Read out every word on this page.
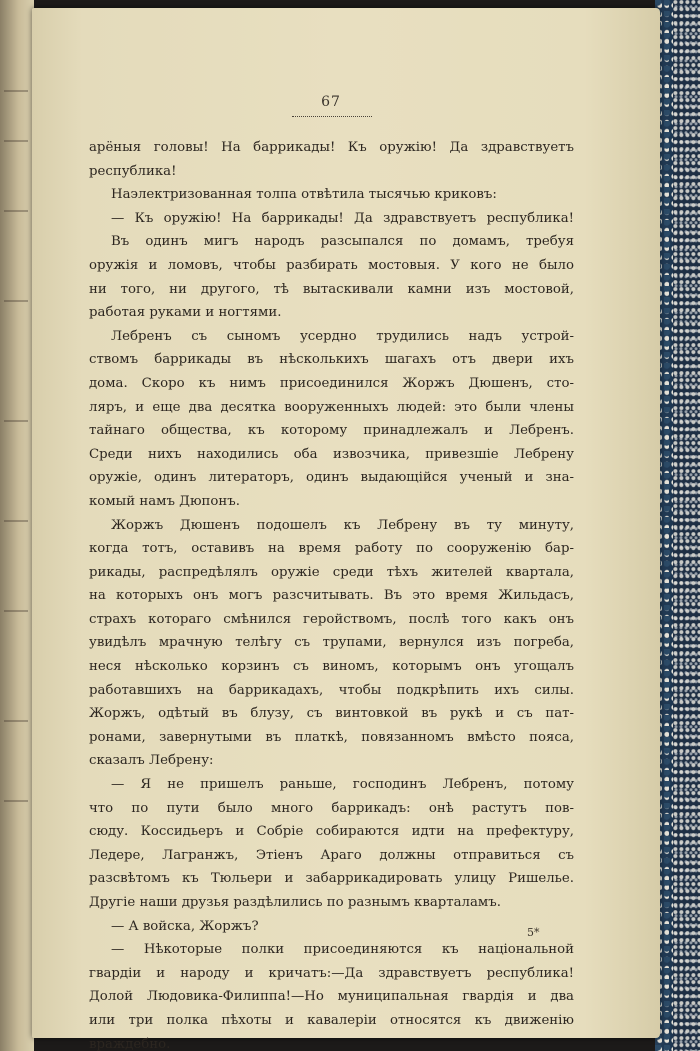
67
арёныя головы! На баррикады! Къ оружію! Да здравствуетъ
республика!
Наэлектризованная толпа отвѣтила тысячью криковъ:
— Къ оружію! На баррикады! Да здравствуетъ республика!
Въ одинъ мигъ народъ разсыпался по домамъ, требуя
оружія и ломовъ, чтобы разбирать мостовыя. У кого не было
ни того, ни другого, тѣ вытаскивали камни изъ мостовой,
работая руками и ногтями.
Лебренъ съ сыномъ усердно трудились надъ устрой-
ствомъ баррикады въ нѣсколькихъ шагахъ отъ двери ихъ
дома. Скоро къ нимъ присоединился Жоржъ Дюшенъ, сто-
ляръ, и еще два десятка вооруженныхъ людей: это были члены
тайнаго общества, къ которому принадлежалъ и Лебренъ.
Среди нихъ находились оба извозчика, привезшіе Лебрену
оружіе, одинъ литераторъ, одинъ выдающійся ученый и зна-
комый намъ Дюпонъ.
Жоржъ Дюшенъ подошелъ къ Лебрену въ ту минуту,
когда тотъ, оставивъ на время работу по сооруженію бар-
рикады, распредѣлялъ оружіе среди тѣхъ жителей квартала,
на которыхъ онъ могъ разсчитывать. Въ это время Жильдасъ,
страхъ котораго смѣнился геройствомъ, послѣ того какъ онъ
увидѣлъ мрачную телѣгу съ трупами, вернулся изъ погреба,
неся нѣсколько корзинъ съ виномъ, которымъ онъ угощалъ
работавшихъ на баррикадахъ, чтобы подкрѣпить ихъ силы.
Жоржъ, одѣтый въ блузу, съ винтовкой въ рукѣ и съ пат-
ронами, завернутыми въ платкѣ, повязанномъ вмѣсто пояса,
сказалъ Лебрену:
— Я не пришелъ раньше, господинъ Лебренъ, потому
что по пути было много баррикадъ: онѣ растутъ пов-
сюду. Коссидьеръ и Собріе собираются идти на префектуру,
Ледере, Лагранжъ, Этіенъ Араго должны отправиться съ
разсвѣтомъ къ Тюльери и забаррикадировать улицу Ришелье.
Другіе наши друзья раздѣлились по разнымъ кварталамъ.
— А войска, Жоржъ?
— Нѣкоторые полки присоединяются къ національной
гвардіи и народу и кричатъ:—Да здравствуетъ республика!
Долой Людовика-Филиппа!—Но муниципальная гвардія и два
или три полка пѣхоты и кавалеріи относятся къ движенію
враждебно.
5*
